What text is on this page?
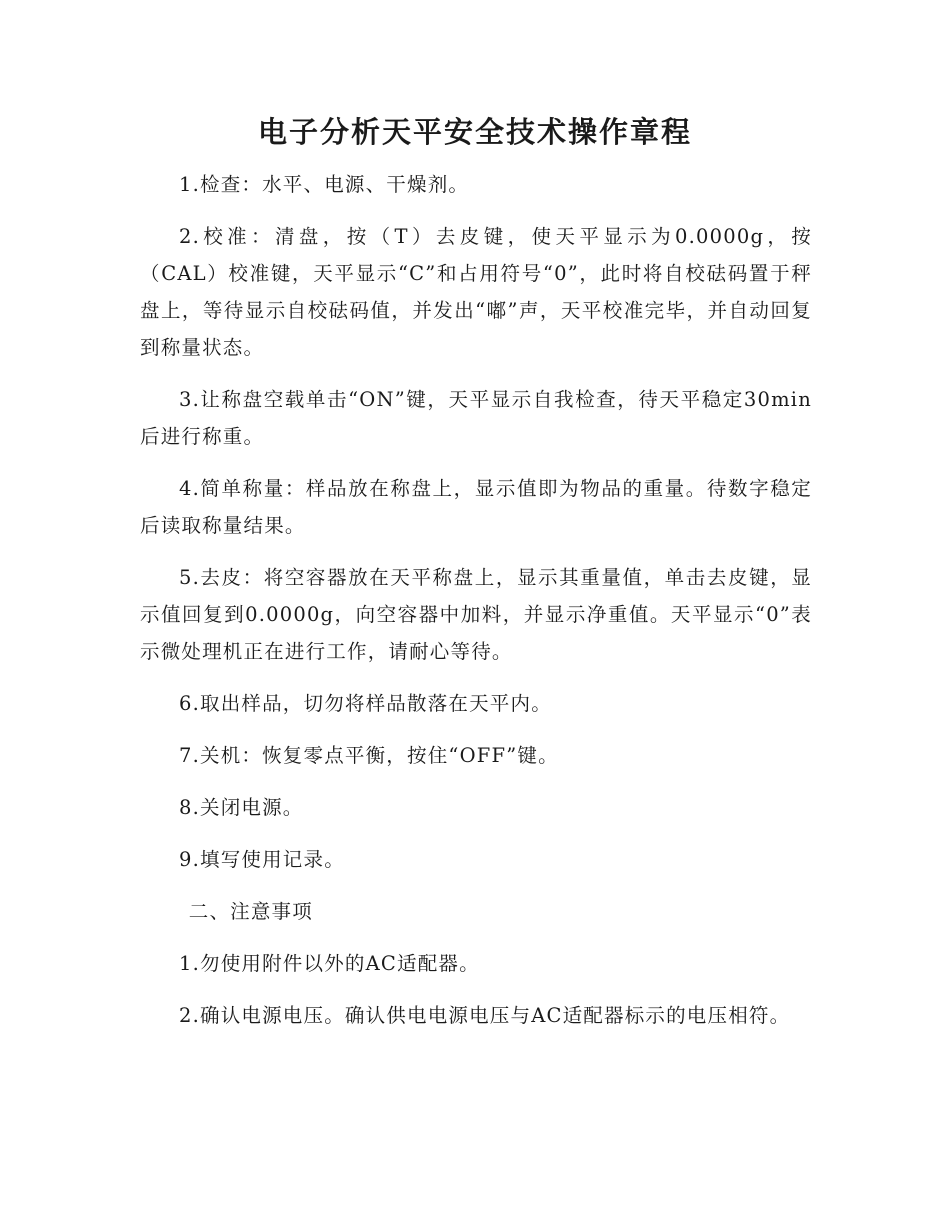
电子分析天平安全技术操作章程

1.检查：水平、电源、干燥剂。

2.校准：清盘，按（T）去皮键，使天平显示为0.0000g，按（CAL）校准键，天平显示“C”和占用符号“0”，此时将自校砝码置于秤盘上，等待显示自校砝码值，并发出“嘟”声，天平校准完毕，并自动回复到称量状态。

3.让称盘空载单击“ON”键，天平显示自我检查，待天平稳定30min后进行称重。

4.简单称量：样品放在称盘上，显示值即为物品的重量。待数字稳定后读取称量结果。

5.去皮：将空容器放在天平称盘上，显示其重量值，单击去皮键，显示值回复到0.0000g，向空容器中加料，并显示净重值。天平显示“0”表示微处理机正在进行工作，请耐心等待。

6.取出样品，切勿将样品散落在天平内。

7.关机：恢复零点平衡，按住“OFF”键。

8.关闭电源。

9.填写使用记录。

二、注意事项

1.勿使用附件以外的AC适配器。

2.确认电源电压。确认供电电源电压与AC适配器标示的电压相符。
